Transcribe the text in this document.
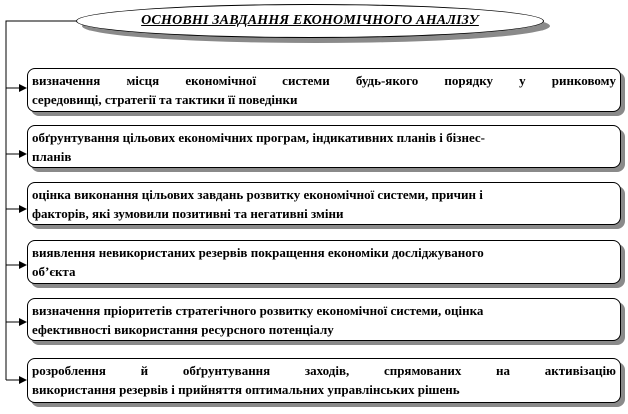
ОСНОВНІ ЗАВДАННЯ ЕКОНОМІЧНОГО АНАЛІЗУ
визначення місця економічної системи будь-якого порядку у ринковому
середовищі, стратегії та тактики її поведінки
обґрунтування цільових економічних програм, індикативних планів і бізнес-
планів
оцінка виконання цільових завдань розвитку економічної системи, причин і
факторів, які зумовили позитивні та негативні зміни
виявлення невикористаних резервів покращення економіки досліджуваного
об’єкта
визначення пріоритетів стратегічного розвитку економічної системи, оцінка
ефективності використання ресурсного потенціалу
розроблення й обґрунтування заходів, спрямованих на активізацію
використання резервів і прийняття оптимальних управлінських рішень
